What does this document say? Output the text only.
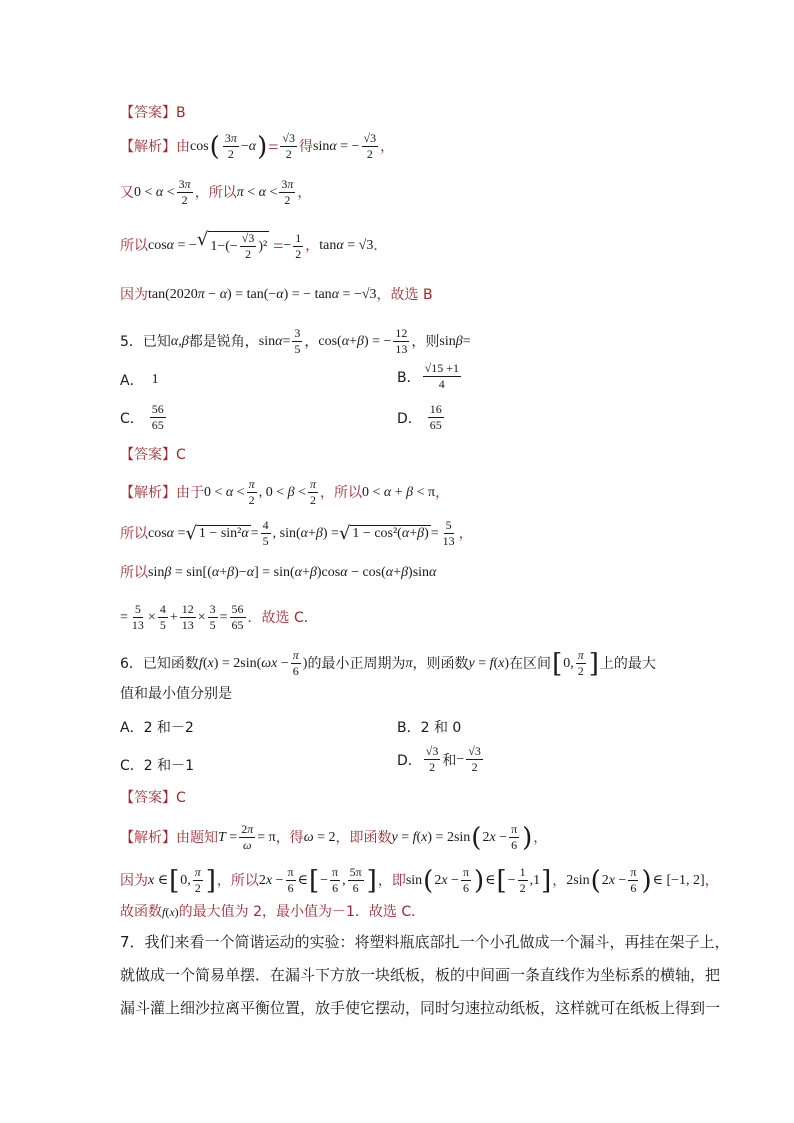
【答案】 B
【解析】 由 cos ( $\frac{3\pi}{2} -\alpha$ ) = $\frac{√3}{2}$ 得 sinα = − $\frac{√3}{2}$ ，
又 $0 < \alpha < \frac{3\pi}{2}$ ，所以 $\pi < \alpha < \frac{3\pi}{2}$ ，
所以 cosα = − √ $1-(- \frac{√3}{2} )^2$ = − $\frac{1}{2}$ ， tanα = √3 ．
因为 tan(2020π − α) = tan(−α) = − tanα = −√3 ，故选 B
5．已知 α,β 都是锐角， $\sin\alpha= \frac{3}{5}$ ， cos(α+β) = − $\frac{12}{13}$ ，则 sinβ=
A． 1	B． $\frac{√15 +1}{4}$
C． $\frac{56}{65}$	D． $\frac{16}{65}$
【答案】 C
【解析】 由于 $0 < \alpha < \frac{\pi}{2}$ , $0 < \beta < \frac{\pi}{2}$ ，所以 0 < α + β < π ，
所以 cosα = √ $1 - \sin^2\alpha = \frac{4}{5}$ , sin(α+β) = √ $1 - \cos^2(\alpha+\beta) = \frac{5}{13}$ ，
所以 sinβ = sin[(α+β)−α] = sin(α+β)cosα − cos(α+β)sinα
= $\frac{5}{13} \times \frac{4}{5} + \frac{12}{13} \times \frac{3}{5} = \frac{56}{65}$ ．故选 C．
6．已知函数 $f(x) = 2\sin(\omega x - \frac{\pi}{6}$ ) 的最小正周期为 π ，则函数 y = f(x) 在区间 [ 0, $\frac{\pi}{2}$ ] 上的最大
值和最小值分别是
A． 2 和－2	B． 2 和 0
C． 2 和－1	D． $\frac{√3}{2}$ 和 − $\frac{√3}{2}$
【答案】 C
【解析】 由题知 $T = \frac{2\pi}{\omega} = \pi$ ，得 ω = 2 ，即函数 y = f(x) = 2sin ( $2x - \frac{\pi}{6}$ ) ，
因为 x ∈ [ 0, $\frac{\pi}{2}$ ] ，所以 $2x - \frac{\pi}{6}$ ∈ [ − $\frac{\pi}{6}$ , $\frac{5\pi}{6}$ ] ，即 sin ( $2x - \frac{\pi}{6}$ ) ∈ [ − $\frac{1}{2} ,1$ ] ， 2sin ( $2x - \frac{\pi}{6}$ ) ∈ [−1, 2] ，
故函数 f(x) 的最大值为 2，最小值为－1．故选 C．
7．我们来看一个简谐运动的实验：将塑料瓶底部扎一个小孔做成一个漏斗，再挂在架子上，
就做成一个简易单摆．在漏斗下方放一块纸板，板的中间画一条直线作为坐标系的横轴，把
漏斗灌上细沙拉离平衡位置，放手使它摆动，同时匀速拉动纸板，这样就可在纸板上得到一
